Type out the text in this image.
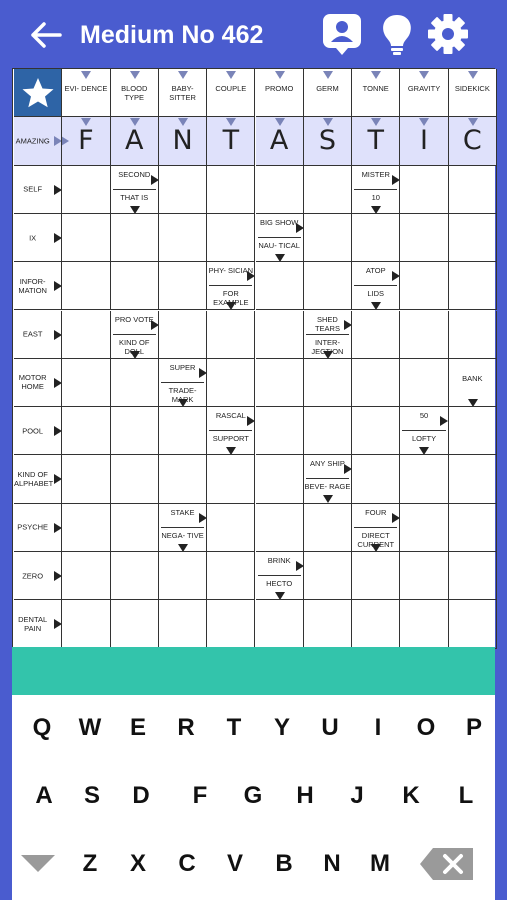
Medium No 462
EVI- DENCE	BLOOD TYPE
BABY- SITTER
COUPLE	PROMO	GERM	TONNE	GRAVITY	SIDEKICK
AMAZING	F	A	N	T	A	S	T	I	C
SELF
SECOND
THAT IS
MISTER
10
IX
BIG SHOW
NAU- TICAL
INFOR- MATION
PHY- SICIAN
FOR EXAMPLE
ATOP
LIDS
EAST
PRO VOTE
KIND OF DOLL
SHED TEARS
INTER- JECTION
MOTOR HOME
SUPER
TRADE- MARK
BANK
POOL
RASCAL
SUPPORT
50
LOFTY
KIND OF ALPHABET
ANY SHIP
BEVE- RAGE
PSYCHE
STAKE
NEGA- TIVE
FOUR
DIRECT CURRENT
ZERO
BRINK
HECTO
DENTAL PAIN
Q	W	E	R	T	Y	U	I	O	P
A	S	D	F	G	H	J	K	L
Z	X	C	V	B	N	M
